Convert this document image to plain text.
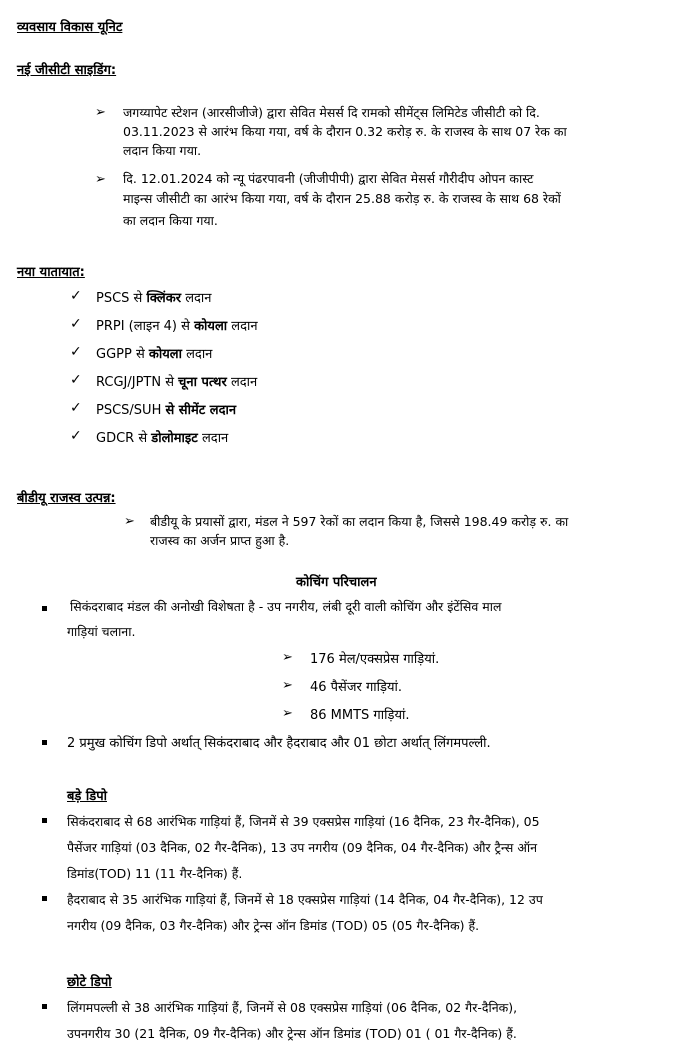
व्यवसाय विकास यूनिट
नई जीसीटी साइडिंग:
➢ जगय्यापेट स्टेशन (आरसीजीजे) द्वारा सेवित मेसर्स दि रामको सीमेंट्स लिमिटेड जीसीटी को दि.
03.11.2023 से आरंभ किया गया, वर्ष के दौरान 0.32 करोड़ रु. के राजस्व के साथ 07 रेक का
लदान किया गया.
➢ दि. 12.01.2024 को न्यू पंढरपावनी (जीजीपीपी) द्वारा सेवित मेसर्स गौरीदीप ओपन कास्ट
माइन्स जीसीटी का आरंभ किया गया, वर्ष के दौरान 25.88 करोड़ रु. के राजस्व के साथ 68 रेकों
का लदान किया गया.
नया यातायात:
✓ PSCS से क्लिंकर लदान
✓ PRPI (लाइन 4) से कोयला लदान
✓ GGPP से कोयला लदान
✓ RCGJ/JPTN से चूना पत्थर लदान
✓ PSCS/SUH से सीमेंट लदान
✓ GDCR से डोलोमाइट लदान
बीडीयू राजस्व उत्पन्न:
➢ बीडीयू के प्रयासों द्वारा, मंडल ने 597 रेकों का लदान किया है, जिससे 198.49 करोड़ रु. का
राजस्व का अर्जन प्राप्त हुआ है.
कोचिंग परिचालन
सिकंदराबाद मंडल की अनोखी विशेषता है - उप नगरीय, लंबी दूरी वाली कोचिंग और इंटेंसिव माल
गाड़ियां चलाना.
➢ 176 मेल/एक्सप्रेस गाड़ियां.
➢ 46 पैसेंजर गाड़ियां.
➢ 86 MMTS गाड़ियां.
2 प्रमुख कोचिंग डिपो अर्थात् सिकंदराबाद और हैदराबाद और 01 छोटा अर्थात् लिंगमपल्ली.
बड़े डिपो
सिकंदराबाद से 68 आरंभिक गाड़ियां हैं, जिनमें से 39 एक्सप्रेस गाड़ियां (16 दैनिक, 23 गैर-दैनिक), 05
पैसेंजर गाड़ियां (03 दैनिक, 02 गैर-दैनिक), 13 उप नगरीय (09 दैनिक, 04 गैर-दैनिक) और ट्रैन्स ऑन
डिमांड(TOD) 11 (11 गैर-दैनिक) हैं.
हैदराबाद से 35 आरंभिक गाड़ियां हैं, जिनमें से 18 एक्सप्रेस गाड़ियां (14 दैनिक, 04 गैर-दैनिक), 12 उप
नगरीय (09 दैनिक, 03 गैर-दैनिक) और ट्रेन्स ऑन डिमांड (TOD) 05 (05 गैर-दैनिक) हैं.
छोटे डिपो
लिंगमपल्ली से 38 आरंभिक गाड़ियां हैं, जिनमें से 08 एक्सप्रेस गाड़ियां (06 दैनिक, 02 गैर-दैनिक),
उपनगरीय 30 (21 दैनिक, 09 गैर-दैनिक) और ट्रेन्स ऑन डिमांड (TOD) 01 ( 01 गैर-दैनिक) हैं.
